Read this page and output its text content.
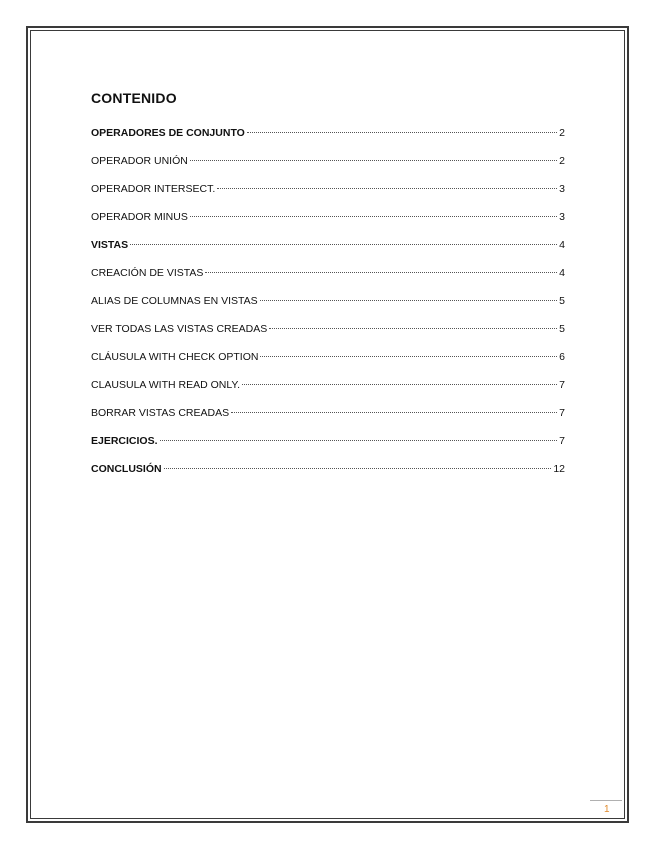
CONTENIDO
OPERADORES DE CONJUNTO	2
OPERADOR UNIÓN	2
OPERADOR INTERSECT.	3
OPERADOR MINUS	3
VISTAS	4
CREACIÓN DE VISTAS	4
ALIAS DE COLUMNAS EN VISTAS	5
VER TODAS LAS VISTAS CREADAS	5
CLÁUSULA WITH CHECK OPTION	6
CLAUSULA WITH READ ONLY.	7
BORRAR VISTAS CREADAS	7
EJERCICIOS.	7
CONCLUSIÓN	12
1
